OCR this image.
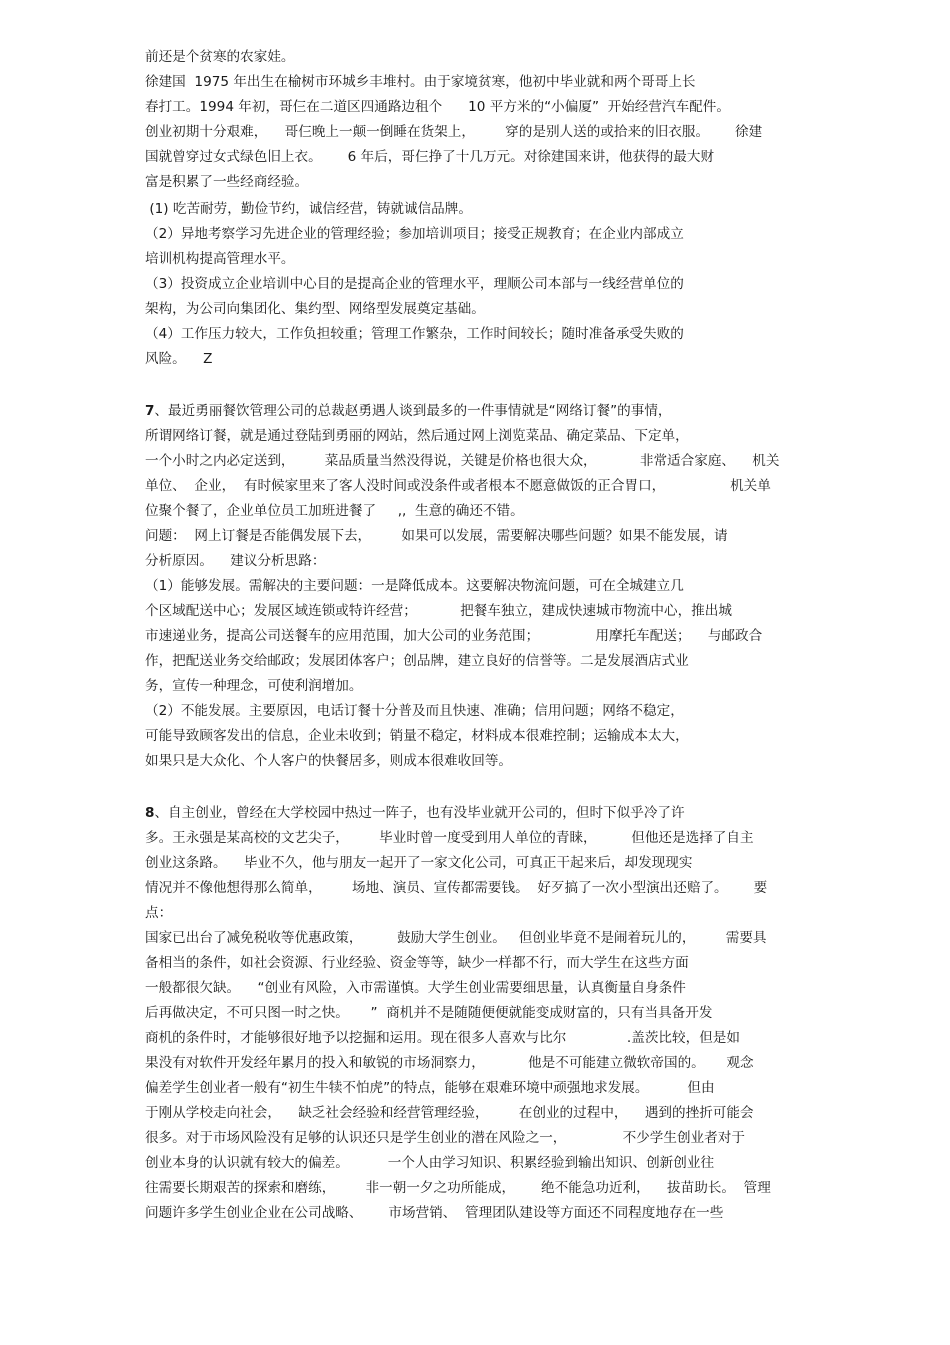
前还是个贫寒的农家娃。
徐建国  1975 年出生在榆树市环城乡丰堆村。由于家境贫寒，他初中毕业就和两个哥哥上长
春打工。1994 年初，哥仨在二道区四通路边租个      10 平方米的“小偏厦”  开始经营汽车配件。
创业初期十分艰难，    哥仨晚上一颠一倒睡在货架上，       穿的是别人送的或拾来的旧衣服。      徐建
国就曾穿过女式绿色旧上衣。      6 年后，哥仨挣了十几万元。对徐建国来讲，他获得的最大财
富是积累了一些经商经验。
(1) 吃苦耐劳，勤俭节约，诚信经营，铸就诚信品牌。
（2）异地考察学习先进企业的管理经验；参加培训项目；接受正规教育；在企业内部成立
培训机构提高管理水平。
（3）投资成立企业培训中心目的是提高企业的管理水平，理顺公司本部与一线经营单位的
架构，为公司向集团化、集约型、网络型发展奠定基础。
（4）工作压力较大，工作负担较重；管理工作繁杂，工作时间较长；随时准备承受失败的
风险。    Z
7、最近勇丽餐饮管理公司的总裁赵勇遇人谈到最多的一件事情就是“网络订餐”的事情，
所谓网络订餐，就是通过登陆到勇丽的网站，然后通过网上浏览菜品、确定菜品、下定单，
一个小时之内必定送到，       菜品质量当然没得说，关键是价格也很大众，          非常适合家庭、    机关
单位、  企业，  有时候家里来了客人没时间或没条件或者根本不愿意做饭的正合胃口，               机关单
位聚个餐了，企业单位员工加班进餐了     ,,  生意的确还不错。
问题：  网上订餐是否能偶发展下去，       如果可以发展，需要解决哪些问题？如果不能发展，请
分析原因。    建议分析思路：
（1）能够发展。需解决的主要问题：一是降低成本。这要解决物流问题，可在全城建立几
个区域配送中心；发展区域连锁或特许经营；          把餐车独立，建成快速城市物流中心，推出城
市速递业务，提高公司送餐车的应用范围，加大公司的业务范围；             用摩托车配送；    与邮政合
作，把配送业务交给邮政；发展团体客户；创品牌，建立良好的信誉等。二是发展酒店式业
务，宣传一种理念，可使利润增加。
（2）不能发展。主要原因，电话订餐十分普及而且快速、准确；信用问题；网络不稳定，
可能导致顾客发出的信息，企业未收到；销量不稳定，材料成本很难控制；运输成本太大，
如果只是大众化、个人客户的快餐居多，则成本很难收回等。
8、自主创业，曾经在大学校园中热过一阵子，也有没毕业就开公司的，但时下似乎冷了许
多。王永强是某高校的文艺尖子，       毕业时曾一度受到用人单位的青睐，        但他还是选择了自主
创业这条路。    毕业不久，他与朋友一起开了一家文化公司，可真正干起来后，却发现现实
情况并不像他想得那么简单，       场地、演员、宣传都需要钱。  好歹搞了一次小型演出还赔了。      要
点：
国家已出台了减免税收等优惠政策，        鼓励大学生创业。   但创业毕竟不是闹着玩儿的，       需要具
备相当的条件，如社会资源、行业经验、资金等等，缺少一样都不行，而大学生在这些方面
一般都很欠缺。    “创业有风险，入市需谨慎。大学生创业需要细思量，认真衡量自身条件
后再做决定，不可只图一时之快。     ”  商机并不是随随便便就能变成财富的，只有当具备开发
商机的条件时，才能够很好地予以挖掘和运用。现在很多人喜欢与比尔              .盖茨比较，但是如
果没有对软件开发经年累月的投入和敏锐的市场洞察力，          他是不可能建立微软帝国的。     观念
偏差学生创业者一般有“初生牛犊不怕虎”的特点，能够在艰难环境中顽强地求发展。         但由
于刚从学校走向社会，    缺乏社会经验和经营管理经验，       在创业的过程中，    遇到的挫折可能会
很多。对于市场风险没有足够的认识还只是学生创业的潜在风险之一，             不少学生创业者对于
创业本身的认识就有较大的偏差。         一个人由学习知识、积累经验到输出知识、创新创业往
往需要长期艰苦的探索和磨练，       非一朝一夕之功所能成，      绝不能急功近利，    拔苗助长。  管理
问题许多学生创业企业在公司战略、      市场营销、  管理团队建设等方面还不同程度地存在一些
